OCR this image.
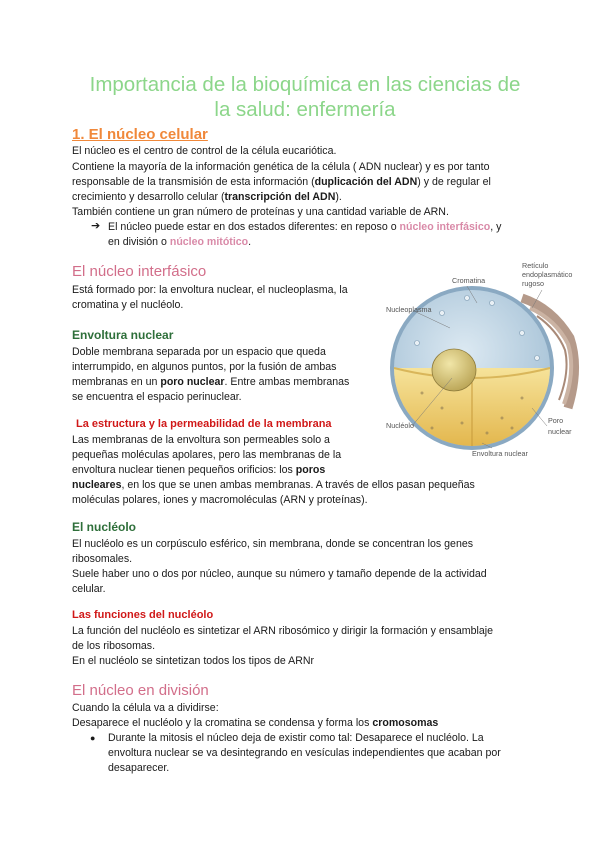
Importancia de la bioquímica en las ciencias de
la salud: enfermería
1. El núcleo celular
El núcleo es el centro de control de la célula eucariótica.
Contiene la mayoría de la información genética de la célula ( ADN nuclear) y es por tanto
responsable de la transmisión de esta información (duplicación del ADN) y de regular el
crecimiento y desarrollo celular (transcripción del ADN).
También contiene un gran número de proteínas y una cantidad variable de ARN.
➔ El núcleo puede estar en dos estados diferentes: en reposo o núcleo interfásico, y
en división o núcleo mitótico.
El núcleo interfásico
Está formado por: la envoltura nuclear, el nucleoplasma, la
cromatina y el nucléolo.
Envoltura nuclear
Doble membrana separada por un espacio que queda
interrumpido, en algunos puntos, por la fusión de ambas
membranas en un poro nuclear. Entre ambas membranas
se encuentra el espacio perinuclear.
La estructura y la permeabilidad de la membrana
Las membranas de la envoltura son permeables solo a
pequeñas moléculas apolares, pero las membranas de la
envoltura nuclear tienen pequeños orificios: los poros
nucleares, en los que se unen ambas membranas. A través de ellos pasan pequeñas
moléculas polares, iones y macromoléculas (ARN y proteínas).
El nucléolo
El nucléolo es un corpúsculo esférico, sin membrana, donde se concentran los genes
ribosomales.
Suele haber uno o dos por núcleo, aunque su número y tamaño depende de la actividad
celular.
Las funciones del nucléolo
La función del nucléolo es sintetizar el ARN ribosómico y dirigir la formación y ensamblaje
de los ribosomas.
En el nucléolo se sintetizan todos los tipos de ARNr
El núcleo en división
Cuando la célula va a dividirse:
Desaparece el nucléolo y la cromatina se condensa y forma los cromosomas
● Durante la mitosis el núcleo deja de existir como tal: Desaparece el nucléolo. La
envoltura nuclear se va desintegrando en vesículas independientes que acaban por
desaparecer.
Cromatina
Retículo
endoplasmático
rugoso
Nucleoplasma
Nucléolo
Poro
nuclear
Envoltura nuclear
